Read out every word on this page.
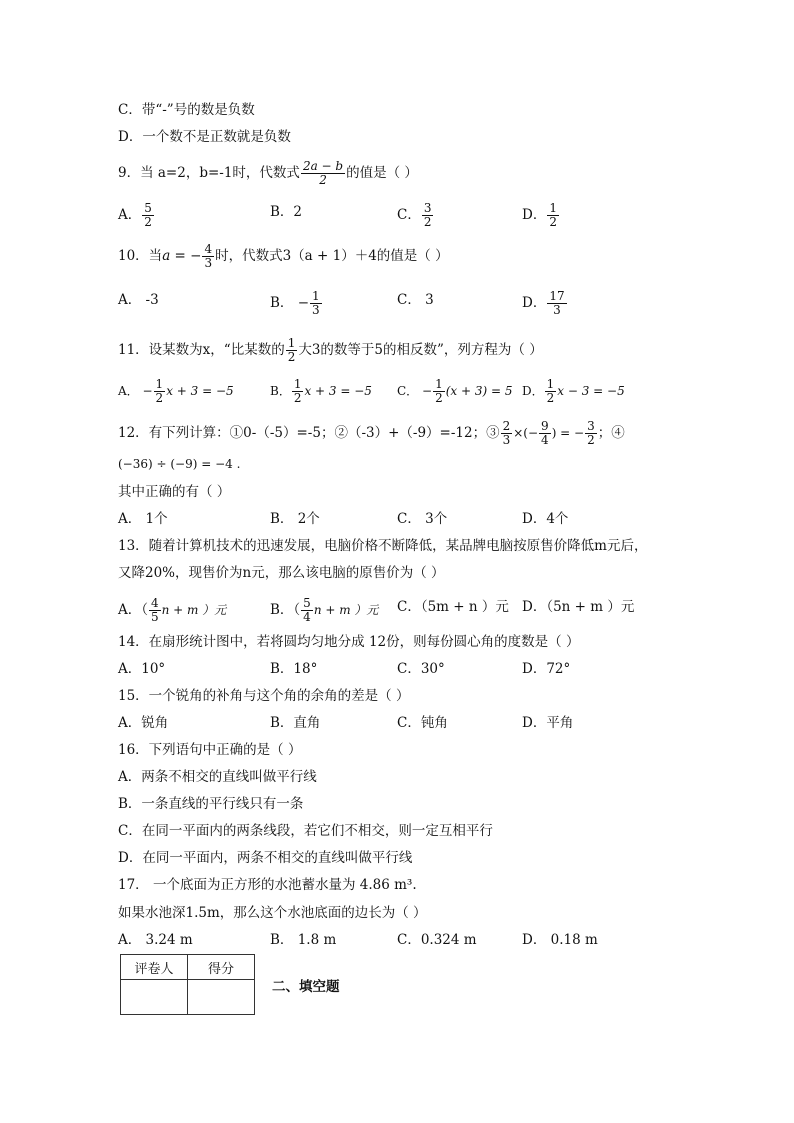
C．带“-”号的数是负数
D．一个数不是正数就是负数
9．当 a=2，b=-1时，代数式 $\frac{2a - b}{2}$ 的值是（ ）
A． $\frac{5}{2}$	B．2	C． $\frac{3}{2}$	D． $\frac{1}{2}$
10．当a = − $\frac{4}{3}$ 时，代数式3（a + 1）＋4的值是（ ）
A． -3	B． − $\frac{1}{3}$	C． 3	D． $\frac{17}{3}$
11．设某数为x，“比某数的 $\frac{1}{2}$ 大3的数等于5的相反数”，列方程为（ ）
A． − $\frac{1}{2}$ x + 3 = −5	B． $\frac{1}{2}$ x + 3 = −5 C． − $\frac{1}{2} (x + 3) = 5$ D． $\frac{1}{2}$ x − 3 = −5
12．有下列计算：①0-（-5）=-5；②（-3）+（-9）=-12；③ $\frac{2}{3}$ ×(− $\frac{9}{4}$ ) = − $\frac{3}{2}$ ；④
(−36) ÷ (−9) = −4 .
其中正确的有（ ）
A． 1个	B． 2个	C． 3个	D．4个
13．随着计算机技术的迅速发展，电脑价格不断降低，某品牌电脑按原售价降低m元后，
又降20%，现售价为n元，那么该电脑的原售价为（ ）
A．（ $\frac{4}{5}$ n + m ）元	B．（ $\frac{5}{4}$ n + m ）元 C．（5m + n ）元 D．（5n + m ）元
14．在扇形统计图中，若将圆均匀地分成 12份，则每份圆心角的度数是（ ）
A．10°	B．18°	C．30°	D．72°
15．一个锐角的补角与这个角的余角的差是（ ）
A．锐角	B．直角	C．钝角	D．平角
16．下列语句中正确的是（ ）
A．两条不相交的直线叫做平行线
B．一条直线的平行线只有一条
C．在同一平面内的两条线段，若它们不相交，则一定互相平行
D．在同一平面内，两条不相交的直线叫做平行线
17． 一个底面为正方形的水池蓄水量为 4.86 m³.
如果水池深1.5m，那么这个水池底面的边长为（ ）
A． 3.24 m	B． 1.8 m	C．0.324 m	D． 0.18 m
评卷人	得分

二、填空题
